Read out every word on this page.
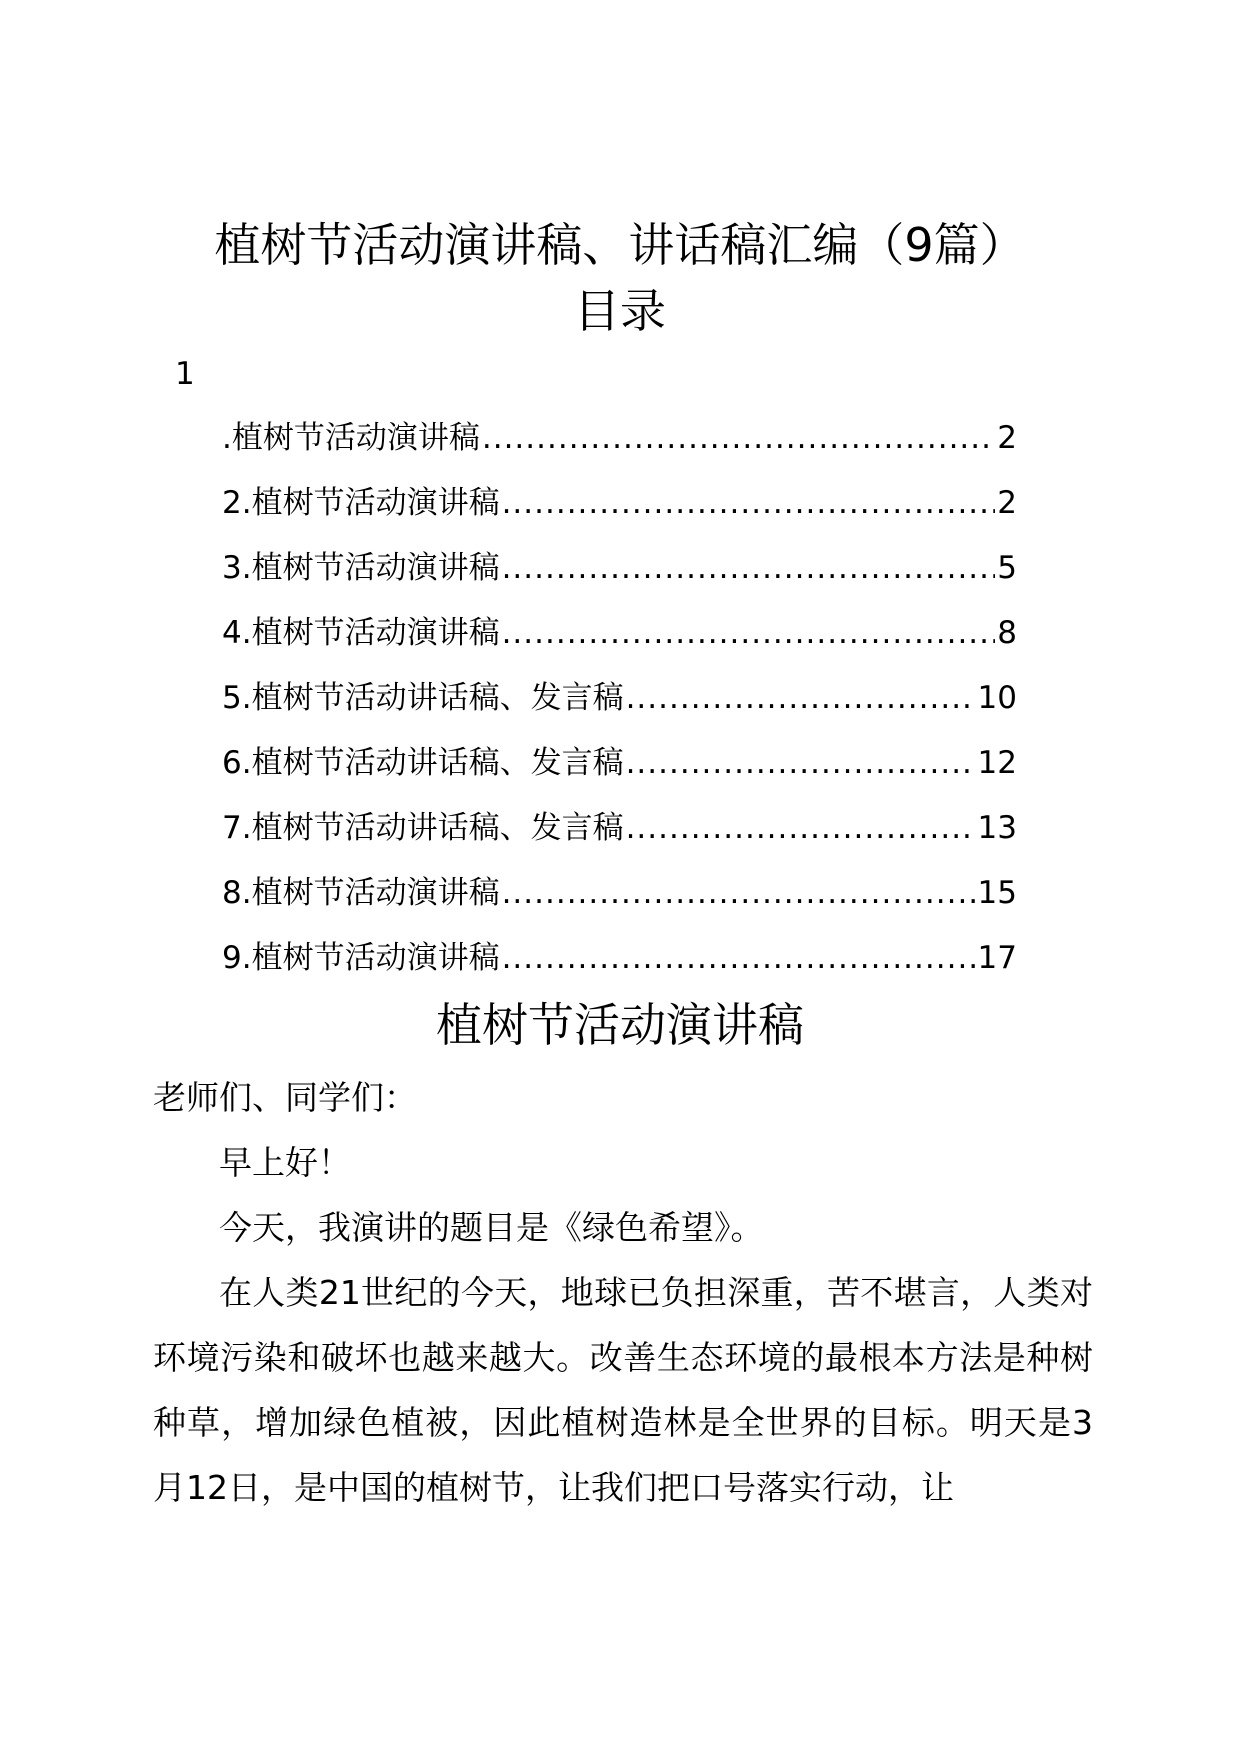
植树节活动演讲稿、讲话稿汇编（9篇）
目录
1
.植树节活动演讲稿 .....	2
2.植树节活动演讲稿 .....	2
3.植树节活动演讲稿 .....	5
4.植树节活动演讲稿 .....	8
5.植树节活动讲话稿、发言稿 .....	10
6.植树节活动讲话稿、发言稿 .....	12
7.植树节活动讲话稿、发言稿 .....	13
8.植树节活动演讲稿 .....	15
9.植树节活动演讲稿 .....	17
植树节活动演讲稿

老师们、同学们：

早上好！

今天，我演讲的题目是《绿色希望》。

在人类21世纪的今天，地球已负担深重，苦不堪言，人类对环境污染和破坏也越来越大。改善生态环境的最根本方法是种树种草，增加绿色植被，因此植树造林是全世界的目标。明天是3月12日，是中国的植树节，让我们把口号落实行动，让
